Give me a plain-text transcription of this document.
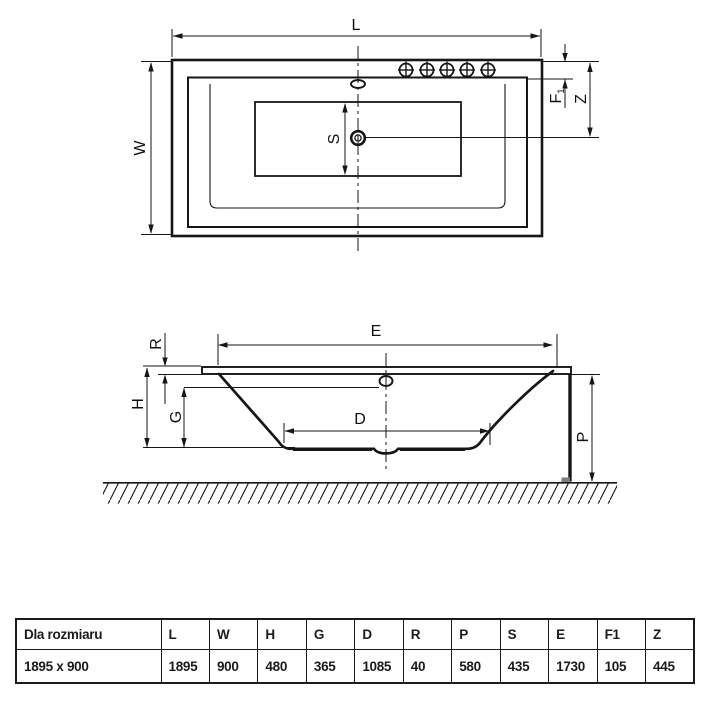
L
W
F1
Z
S
E
R
H
G	D
P
Dla rozmiaru	L	W	H	G	D	R	P	S	E	F1	Z
1895 x 900	1895	900	480	365	1085	40	580	435	1730	105	445
